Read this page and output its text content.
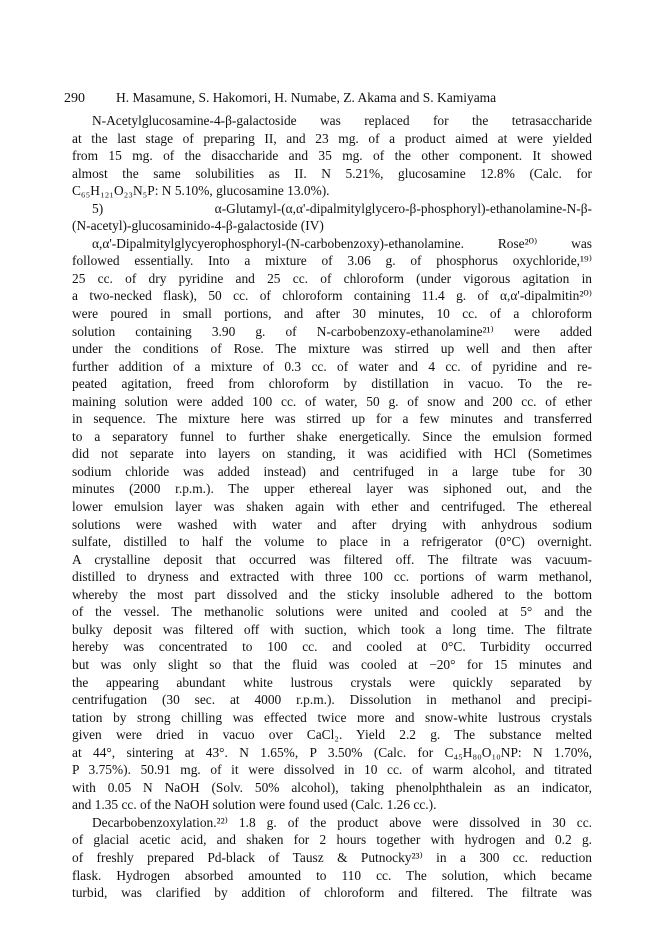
290 H. Masamune, S. Hakomori, H. Numabe, Z. Akama and S. Kamiyama
N-Acetylglucosamine-4-β-galactoside was replaced for the tetrasaccharide
at the last stage of preparing II, and 23 mg. of a product aimed at were yielded
from 15 mg. of the disaccharide and 35 mg. of the other component. It showed
almost the same solubilities as II. N 5.21%, glucosamine 12.8% (Calc. for
C₆₅H₁₂₁O₂₃N₅P: N 5.10%, glucosamine 13.0%).
5) α-Glutamyl-(α,α'-dipalmitylglycero-β-phosphoryl)-ethanolamine-N-β-
(N-acetyl)-glucosaminido-4-β-galactoside (IV)
α,α'-Dipalmitylglycyerophosphoryl-(N-carbobenzoxy)-ethanolamine. Rose²⁰⁾ was
followed essentially. Into a mixture of 3.06 g. of phosphorus oxychloride,¹⁹⁾
25 cc. of dry pyridine and 25 cc. of chloroform (under vigorous agitation in
a two-necked flask), 50 cc. of chloroform containing 11.4 g. of α,α'-dipalmitin²⁰⁾
were poured in small portions, and after 30 minutes, 10 cc. of a chloroform
solution containing 3.90 g. of N-carbobenzoxy-ethanolamine²¹⁾ were added
under the conditions of Rose. The mixture was stirred up well and then after
further addition of a mixture of 0.3 cc. of water and 4 cc. of pyridine and re-
peated agitation, freed from chloroform by distillation in vacuo. To the re-
maining solution were added 100 cc. of water, 50 g. of snow and 200 cc. of ether
in sequence. The mixture here was stirred up for a few minutes and transferred
to a separatory funnel to further shake energetically. Since the emulsion formed
did not separate into layers on standing, it was acidified with HCl (Sometimes
sodium chloride was added instead) and centrifuged in a large tube for 30
minutes (2000 r.p.m.). The upper ethereal layer was siphoned out, and the
lower emulsion layer was shaken again with ether and centrifuged. The ethereal
solutions were washed with water and after drying with anhydrous sodium
sulfate, distilled to half the volume to place in a refrigerator (0°C) overnight.
A crystalline deposit that occurred was filtered off. The filtrate was vacuum-
distilled to dryness and extracted with three 100 cc. portions of warm methanol,
whereby the most part dissolved and the sticky insoluble adhered to the bottom
of the vessel. The methanolic solutions were united and cooled at 5° and the
bulky deposit was filtered off with suction, which took a long time. The filtrate
hereby was concentrated to 100 cc. and cooled at 0°C. Turbidity occurred
but was only slight so that the fluid was cooled at −20° for 15 minutes and
the appearing abundant white lustrous crystals were quickly separated by
centrifugation (30 sec. at 4000 r.p.m.). Dissolution in methanol and precipi-
tation by strong chilling was effected twice more and snow-white lustrous crystals
given were dried in vacuo over CaCl₂. Yield 2.2 g. The substance melted
at 44°, sintering at 43°. N 1.65%, P 3.50% (Calc. for C₄₅H₈₀O₁₀NP: N 1.70%,
P 3.75%). 50.91 mg. of it were dissolved in 10 cc. of warm alcohol, and titrated
with 0.05 N NaOH (Solv. 50% alcohol), taking phenolphthalein as an indicator,
and 1.35 cc. of the NaOH solution were found used (Calc. 1.26 cc.).
Decarbobenzoxylation.²²⁾ 1.8 g. of the product above were dissolved in 30 cc.
of glacial acetic acid, and shaken for 2 hours together with hydrogen and 0.2 g.
of freshly prepared Pd-black of Tausz & Putnocky²³⁾ in a 300 cc. reduction
flask. Hydrogen absorbed amounted to 110 cc. The solution, which became
turbid, was clarified by addition of chloroform and filtered. The filtrate was
